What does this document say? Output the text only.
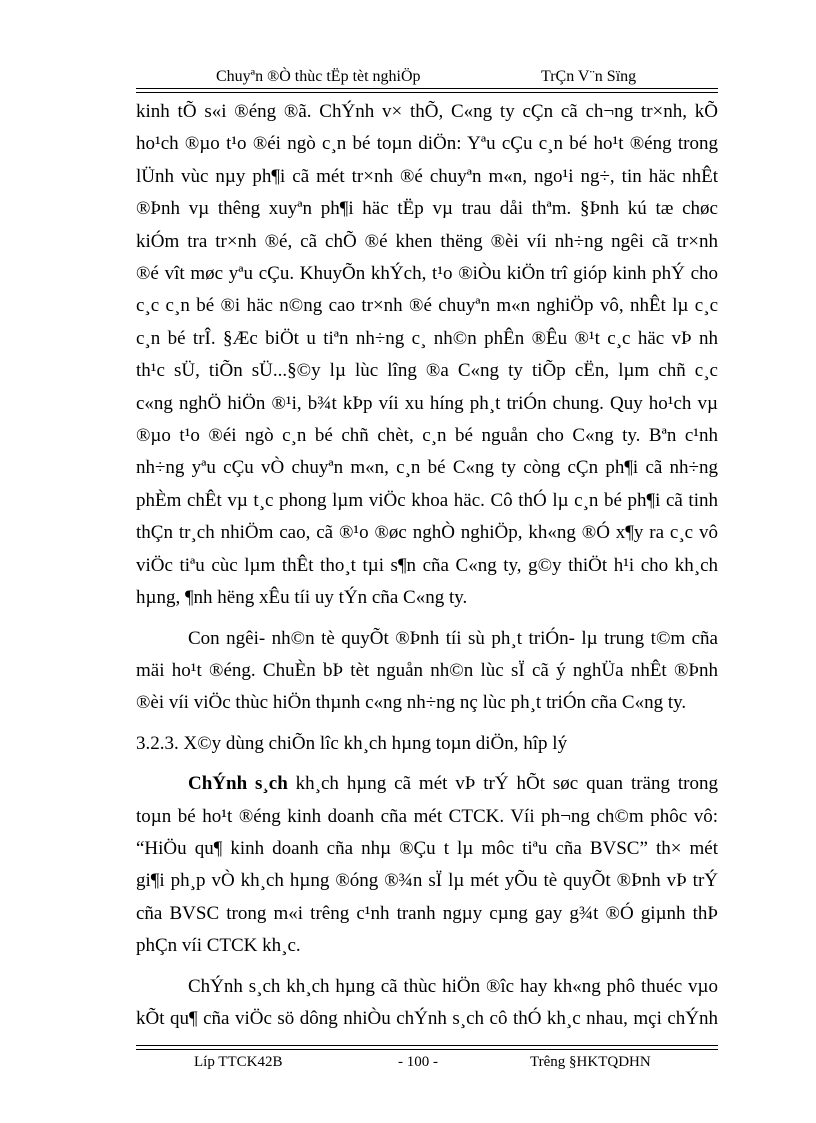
Chuyªn ®Ò thùc tËp tèt nghiÖp	TrÇn V¨n Sïng

kinh tÕ s«i ®éng ®ã. ChÝnh v× thÕ, C«ng ty cÇn cã ch¬ng tr×nh, kÕ

ho¹ch ®µo t¹o ®éi ngò c¸n bé toµn diÖn: Yªu cÇu c¸n bé ho¹t ®éng trong

lÜnh vùc nµy ph¶i cã mét tr×nh ®é chuyªn m«n, ngo¹i ng÷, tin häc nhÊt

®Þnh vµ thêng xuyªn ph¶i häc tËp vµ trau dåi thªm. §Þnh kú tæ chøc

kiÓm tra tr×nh ®é, cã chÕ ®é khen thëng ®èi víi nh÷ng ngêi cã tr×nh

®é vît møc yªu cÇu. KhuyÕn khÝch, t¹o ®iÒu kiÖn trî gióp kinh phÝ cho

c¸c c¸n bé ®i häc n©ng cao tr×nh ®é chuyªn m«n nghiÖp vô, nhÊt lµ c¸c

c¸n bé trÎ. §Æc biÖt u tiªn nh÷ng c¸ nh©n phÊn ®Êu ®¹t c¸c häc vÞ nh

th¹c sÜ, tiÕn sÜ...§©y lµ lùc lîng ®a C«ng ty tiÕp cËn, lµm chñ c¸c

c«ng nghÖ hiÖn ®¹i, b¾t kÞp víi xu híng ph¸t triÓn chung. Quy ho¹ch vµ

®µo t¹o ®éi ngò c¸n bé chñ chèt, c¸n bé nguån cho C«ng ty. Bªn c¹nh

nh÷ng yªu cÇu vÒ chuyªn m«n, c¸n bé C«ng ty còng cÇn ph¶i cã nh÷ng

phÈm chÊt vµ t¸c phong lµm viÖc khoa häc. Cô thÓ lµ c¸n bé ph¶i cã tinh

thÇn tr¸ch nhiÖm cao, cã ®¹o ®øc nghÒ nghiÖp, kh«ng ®Ó x¶y ra c¸c vô

viÖc tiªu cùc lµm thÊt tho¸t tµi s¶n cña C«ng ty, g©y thiÖt h¹i cho kh¸ch

hµng, ¶nh hëng xÊu tíi uy tÝn cña C«ng ty.

Con ngêi- nh©n tè quyÕt ®Þnh tíi sù ph¸t triÓn- lµ trung t©m cña

mäi ho¹t ®éng. ChuÈn bÞ tèt nguån nh©n lùc sÏ cã ý nghÜa nhÊt ®Þnh

®èi víi viÖc thùc hiÖn thµnh c«ng nh÷ng nç lùc ph¸t triÓn cña C«ng ty.

3.2.3. X©y dùng chiÕn lîc kh¸ch hµng toµn diÖn, hîp lý

ChÝnh s¸ch kh¸ch hµng cã mét vÞ trÝ hÕt søc quan träng trong

toµn bé ho¹t ®éng kinh doanh cña mét CTCK. Víi ph¬ng ch©m phôc vô:

“HiÖu qu¶ kinh doanh cña nhµ ®Çu t lµ môc tiªu cña BVSC” th× mét

gi¶i ph¸p vÒ kh¸ch hµng ®óng ®¾n sÏ lµ mét yÕu tè quyÕt ®Þnh vÞ trÝ

cña BVSC trong m«i trêng c¹nh tranh ngµy cµng gay g¾t ®Ó giµnh thÞ

phÇn víi CTCK kh¸c.

ChÝnh s¸ch kh¸ch hµng cã thùc hiÖn ®îc hay kh«ng phô thuéc vµo

kÕt qu¶ cña viÖc sö dông nhiÒu chÝnh s¸ch cô thÓ kh¸c nhau, mçi chÝnh

Líp TTCK42B	- 100 -	Trêng §HKTQDHN
